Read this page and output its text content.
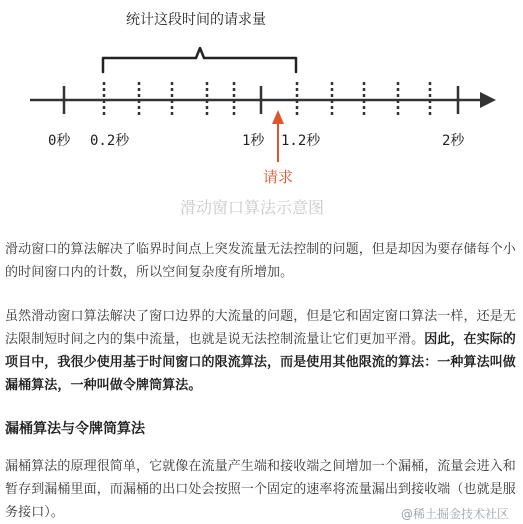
统计这段时间的请求量
0秒 0.2秒	1秒 1.2秒	2秒
请求
滑动窗口算法示意图

滑动窗口的算法解决了临界时间点上突发流量无法控制的问题，但是却因为要存储每个小的时间窗口内的计数，所以空间复杂度有所增加。

虽然滑动窗口算法解决了窗口边界的大流量的问题，但是它和固定窗口算法一样，还是无法限制短时间之内的集中流量，也就是说无法控制流量让它们更加平滑。因此，在实际的项目中，我很少使用基于时间窗口的限流算法，而是使用其他限流的算法：一种算法叫做漏桶算法，一种叫做令牌筒算法。

漏桶算法与令牌筒算法

漏桶算法的原理很简单，它就像在流量产生端和接收端之间增加一个漏桶，流量会进入和暂存到漏桶里面，而漏桶的出口处会按照一个固定的速率将流量漏出到接收端（也就是服务接口）。	@稀土掘金技术社区
